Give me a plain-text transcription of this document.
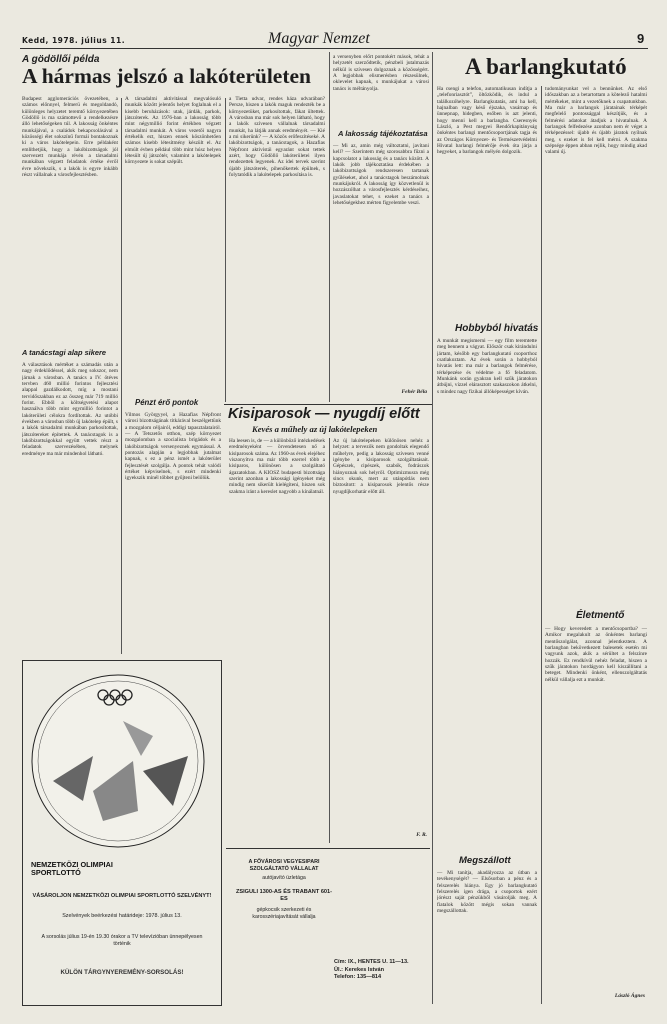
Kedd, 1978. július 11.	Magyar Nemzet	9
A gödöllői példa
A hármas jelszó a lakóterületen
Budapest agglomerációs övezetében, a számos előnnyel, felmerü és megoldandó, különleges helyzetet teremtő környezetében Gödöllő is ma számottevő a rendelkezésre álló lehetőségeken túl. A lakosság önkéntes munkájával, a családok bekapcsolásával a közösségi élet sokszínű formái bontakoznak ki a város lakótelepein. Erre példaként említhetjük, hogy a lakóbizottságok jól szervezett munkája révén a társadalmi munkában végzett feladatok értéke évről évre növekszik, s a lakók is egyre inkább részt vállalnak a városfejlesztésben.
A tanácstagi alap sikere
A választások mértéket a számadás után a nagy érdeklődéssel, akik meg sokszor, nem járnak a városban. A tanács a IV. ötéves tervben 460 millió forintos fejlesztési alappal gazdálkodott, míg a mostani tervidőszakban ez az összeg már 719 millió forint. Ebből a költségvetési alapot használva több mint egymillió forintot a lakóterületi célokra fordítottak. Az utóbbi években a városban több új lakótelep épült, s a lakók társadalmi munkában parkosítottak, játszótereket építettek. A tanácstagok is a lakóbizottságokkal együtt vettek részt a feladatok szervezésében, melynek eredménye ma már mindenhol látható.
A társadalmi aktivitással megvalósuló munkák között jelentős helyet foglalnak el a kisebb beruházások: utak, járdák, parkok, játszóterek. Az 1976-ban a lakosság több mint négymillió forint értékben végzett társadalmi munkát. A város vezetői nagyra értékelik ezt, hiszen ennek köszönhetően számos kisebb létesítmény készült el. Az elmúlt évben például több mint húsz helyen létesült új játszótér, valamint a lakótelepek környezete is sokat szépült.
Pénzt érő pontok
Vilmos Györgyyel, a Hazafias Népfront városi bizottságának titkárával beszélgettünk a mozgalom céljairól, eddigi tapasztalatairól. — A Tetszetős otthon, szép környezet mozgalomban a szocialista brigádok és a lakóbizottságok versenyeznek egymással. A pontozás alapján a legjobbak jutalmat kapnak, s ez a pénz ismét a lakóterület fejlesztését szolgálja. A pontok tehát valódi értéket képviselnek, s ezért mindenki igyekszik minél többet gyűjteni belőlük.
a Tietta udvar, rendes háza udvarában? Persze, hiszen a lakók maguk rendezték be a környezetüket, parkosítottak, fákat ültettek. A városban ma már sok helyen látható, hogy a lakók szívesen vállalnak társadalmi munkát, ha látják annak eredményét. — Kié a mi sikerünk? — A közös erőfeszítéseké. A lakóbizottságok, a tanácstagok, a Hazafias Népfront aktivistái egyaránt sokat tettek azért, hogy Gödöllő lakóterületei ilyen rendezettek legyenek. Az idei tervek szerint újabb játszóterek, pihenőkertek épülnek, s folytatódik a lakótelepek parkosítása is.
a versenyben előrt pontokért mások, tehát a helyzetét szerződtetik, pénzbeli jutalmazás nélkül is szívesen dolgoznak a közösségért. A legjobbak elismerésben részesülnek, oklevelet kapnak, s munkájukat a városi tanács is méltányolja.
A lakosság tájékoztatása
— Mi az, amin még változtatni, javítani kell? — Szerintem még szorosabbra fűzni a kapcsolatot a lakosság és a tanács között. A lakók jobb tájékoztatása érdekében a lakóbizottságok rendszeresen tartanak gyűléseket, ahol a tanácstagok beszámolnak munkájukról. A lakosság így közvetlenül is hozzászólhat a városfejlesztés kérdéseihez, javaslatokat tehet, s ezeket a tanács a lehetőségekhez mérten figyelembe veszi.
Fehér Béla
Kisiparosok — nyugdíj előtt
Kevés a műhely az új lakótelepeken
Ha leesen is, de — a különböző intézkedések eredményeként — örvendetesen nő a kisiparosok száma. Az 1960-as évek elejéhez viszonyítva ma már több ezerrel több a kisiparos, különösen a szolgáltató ágazatokban. A KIOSZ budapesti bizottsága szerint azonban a lakossági igényeket még mindig nem sikerült kielégíteni, hiszen sok szakma iránt a kereslet nagyobb a kínálatnál.
Az új lakótelepeken különösen nehéz a helyzet: a tervezők nem gondoltak elegendő műhelyre, pedig a lakosság szívesen venné igénybe a kisiparosok szolgáltatásait. Gépészek, cipészek, szabók, fodrászok hiányoznak sok helyről. Optimizmusra még sincs okunk, mert az utánpótlás nem biztosított: a kisiparosok jelentős része nyugdíjkorhatár előtt áll.
F. R.
A barlangkutató
Ha csengi a telefon, automatikusan indítja a „telefonriasztót”, öltözködik, és indul a találkozóhelyre. Barlangkutatás, ami ha kell, hajnalban vagy késő éjszaka, vasárnap és ünnepnap, hidegben, esőben is azt jelenti, hogy menni kell a barlangba. Cseresnyés László, a Pest megyei Rendőrkapitányság önkéntes barlangi mentőcsoportjának tagja és az Országos Környezet- és Természetvédelmi Hivatal barlangi felmérője évek óta járja a hegyeket, a barlangok mélyén dolgozik.
Hobbyból hivatás
A munkát megismerni — egy film teremtette meg bennem a vágyat. Először csak kirándulni jártam, később egy barlangkutató csoporthoz csatlakoztam. Az évek során a hobbyból hivatás lett: ma már a barlangok felmérése, térképezése és védelme a fő feladatom. Munkánk során gyakran kell szűk járatokon átbújni, vízzel elárasztott szakaszokon átkelni, s mindez nagy fizikai állóképességet kíván.
Megszállott
— Mi tanítja, akadályozza az útban a tevékenységét? — Elsősorban a pénz és a felszerelés hiánya. Egy jó barlangkutató felszerelés igen drága, a csoportok ezért jórészt saját pénzükből vásárolják meg. A fiatalok között mégis sokan vannak megszállottak.
tudományunkat vel a bennünket. Az első időszakban az a betartottam a kötelező hatalmi mértékeket, mint a vezetőknek a csapatunkban. Ma már a barlangok járatainak térképét megfelelő pontossággal készítjük, és a felmérési adatokat átadjuk a hivatalnak. A barlangok felfedezése azonban nem ér véget a térképezéssel: újabb és újabb járatok nyílnak meg, s ezeket is fel kell mérni. A szakma szépsége éppen abban rejlik, hogy mindig akad valami új.
Életmentő
— Hogy keveredett a mentőcsoportba? — Amikor megalakult az önkéntes barlangi mentőszolgálat, azonnal jelentkeztem. A barlangban bekövetkezett balesetek esetén mi vagyunk azok, akik a sérültet a felszínre hozzák. Ez rendkívül nehéz feladat, hiszen a szűk járatokon hordágyon kell kiszállítani a beteget. Mindenki önként, ellenszolgáltatás nélkül vállalja ezt a munkát.
László Ágnes
NEMZETKÖZI OLIMPIAI SPORTLOTTÓ
VÁSÁROLJON NEMZETKÖZI OLIMPIAI SPORTLOTTÓ SZELVÉNYT!
Szelvények beérkezési határideje: 1978. július 13.
A sorsolás július 19-én 19.30 órakor a TV televízióban ünnepélyesen történik
KÜLÖN TÁRGYNYEREMÉNY-SORSOLÁS!
A FŐVÁROSI VEGYESIPARI SZOLGÁLTATÓ VÁLLALAT
autójavító üzletága
ZSIGULI 1300-AS ÉS TRABANT 601-ES
gépkocsik szerkezeti és karosszériajavítását vállalja
Cím: IX., HENTES U. 11—13.
Ül.: Kerekes István
Telefon: 135—814
